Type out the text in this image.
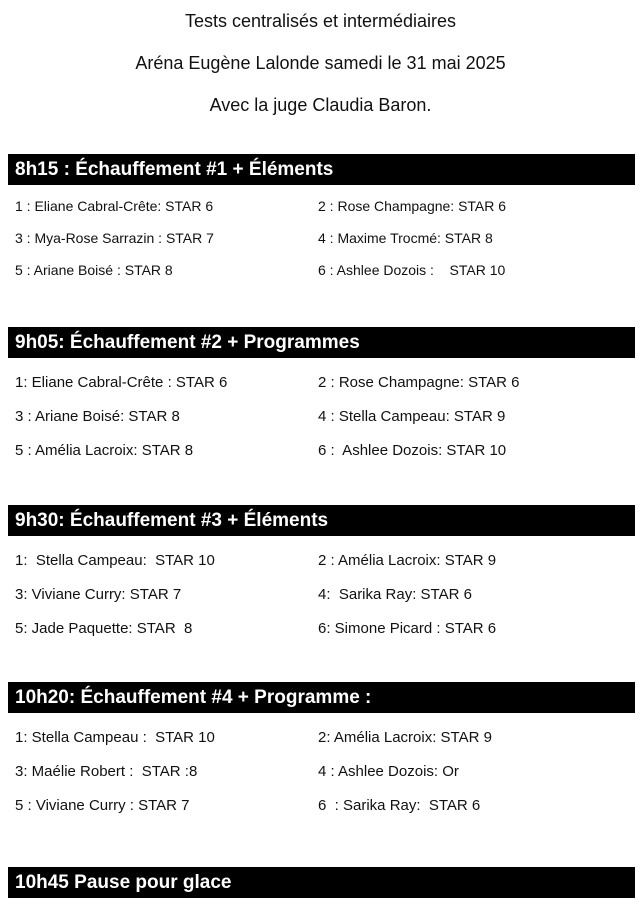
Tests centralisés et intermédiaires
Aréna Eugène Lalonde samedi le 31 mai 2025
Avec la juge Claudia Baron.
8h15 : Échauffement #1 + Éléments
1 : Eliane Cabral-Crête: STAR 6	2 : Rose Champagne: STAR 6
3 : Mya-Rose Sarrazin : STAR 7	4 : Maxime Trocmé: STAR 8
5 : Ariane Boisé : STAR 8	6 : Ashlee Dozois :    STAR 10
9h05: Échauffement #2 + Programmes
1: Eliane Cabral-Crête : STAR 6	2 : Rose Champagne: STAR 6
3 : Ariane Boisé: STAR 8	4 : Stella Campeau: STAR 9
5 : Amélia Lacroix: STAR 8	6 :  Ashlee Dozois: STAR 10
9h30: Échauffement #3 + Éléments
1:  Stella Campeau:  STAR 10	2 : Amélia Lacroix: STAR 9
3: Viviane Curry: STAR 7	4:  Sarika Ray: STAR 6
5: Jade Paquette: STAR  8	6: Simone Picard : STAR 6
10h20: Échauffement #4 + Programme :
1: Stella Campeau :  STAR 10	2: Amélia Lacroix: STAR 9
3: Maélie Robert :  STAR :8	4 : Ashlee Dozois: Or
5 : Viviane Curry : STAR 7	6  : Sarika Ray:  STAR 6
10h45 Pause pour glace
